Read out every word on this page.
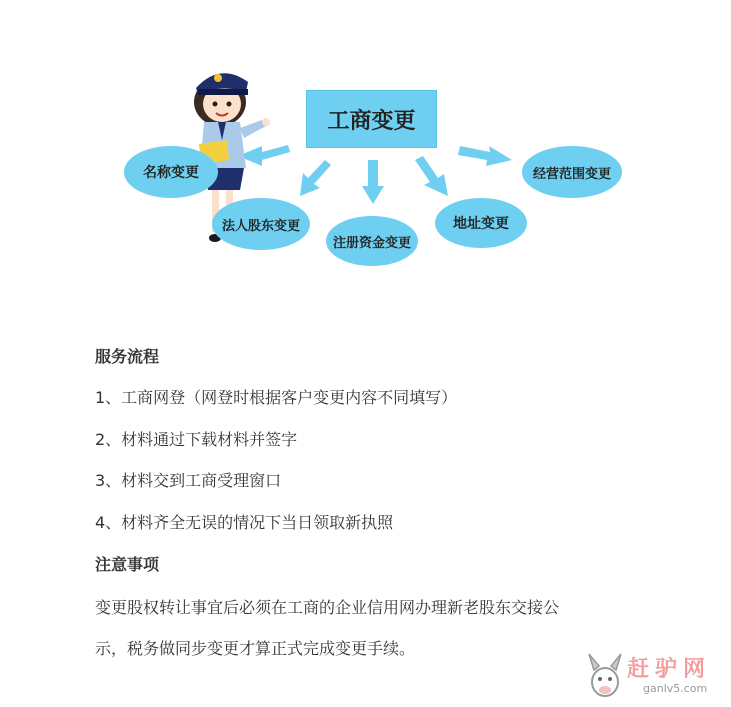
工商变更
名称变更
法人股东变更
注册资金变更
地址变更
经营范围变更
服务流程
1、工商网登（网登时根据客户变更内容不同填写）
2、材料通过下载材料并签字
3、材料交到工商受理窗口
4、材料齐全无误的情况下当日领取新执照
注意事项
变更股权转让事宜后必须在工商的企业信用网办理新老股东交接公
示，税务做同步变更才算正式完成变更手续。
赶驴网
ganlv5.com
